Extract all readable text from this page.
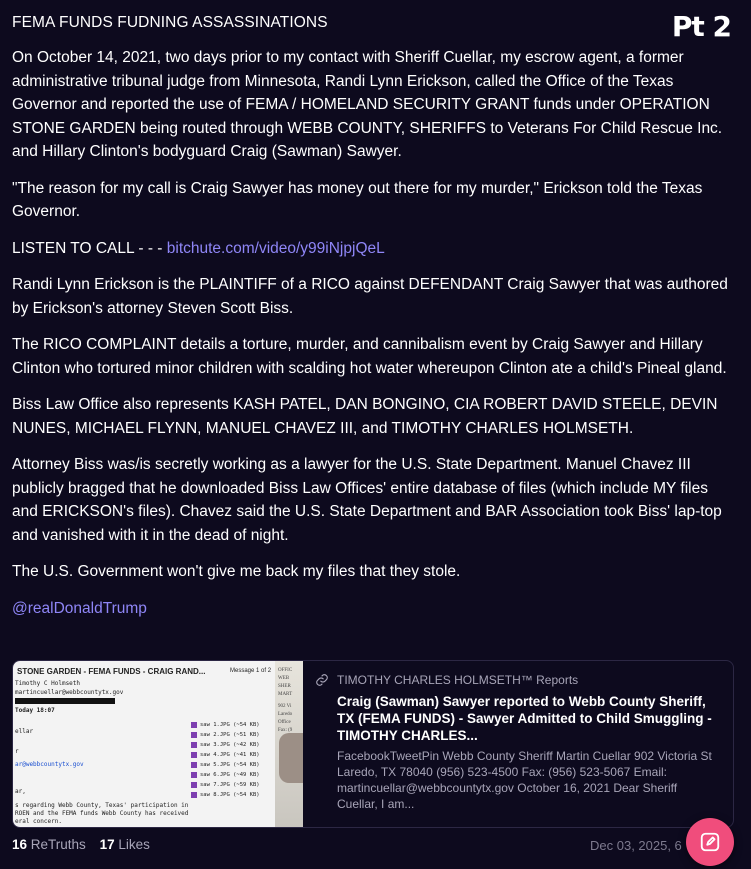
Pt 2
FEMA FUNDS FUDNING ASSASSINATIONS

On October 14, 2021, two days prior to my contact with Sheriff Cuellar, my escrow agent, a former administrative tribunal judge from Minnesota, Randi Lynn Erickson, called the Office of the Texas Governor and reported the use of FEMA / HOMELAND SECURITY GRANT funds under OPERATION STONE GARDEN being routed through WEBB COUNTY, SHERIFFS to Veterans For Child Rescue Inc. and Hillary Clinton's bodyguard Craig (Sawman) Sawyer.

"The reason for my call is Craig Sawyer has money out there for my murder," Erickson told the Texas Governor.

LISTEN TO CALL - - - bitchute.com/video/y99iNjpjQeL

Randi Lynn Erickson is the PLAINTIFF of a RICO against DEFENDANT Craig Sawyer that was authored by Erickson's attorney Steven Scott Biss.

The RICO COMPLAINT details a torture, murder, and cannibalism event by Craig Sawyer and Hillary Clinton who tortured minor children with scalding hot water whereupon Clinton ate a child's Pineal gland.

Biss Law Office also represents KASH PATEL, DAN BONGINO, CIA ROBERT DAVID STEELE, DEVIN NUNES, MICHAEL FLYNN, MANUEL CHAVEZ III, and TIMOTHY CHARLES HOLMSETH.

Attorney Biss was/is secretly working as a lawyer for the U.S. State Department. Manuel Chavez III publicly bragged that he downloaded Biss Law Offices' entire database of files (which include MY files and ERICKSON's files). Chavez said the U.S. State Department and BAR Association took Biss' lap-top and vanished with it in the dead of night.

The U.S. Government won't give me back my files that they stole.

@realDonaldTrump

STONE GARDEN - FEMA FUNDS - CRAIG RAND...	Message 1 of 2
Timothy C Holmseth
martincuellar@webbcountytx.gov
Today 18:07
ellar
r
ar@webbcountytx.gov
ar,
s regarding Webb County, Texas' participation in
ROEN and the FEMA funds Webb County has received
eral concern.
saw 1.JPG (~54 KB)
saw 2.JPG (~51 KB)
saw 3.JPG (~42 KB)
saw 4.JPG (~41 KB)
saw 5.JPG (~54 KB)
saw 6.JPG (~49 KB)
saw 7.JPG (~59 KB)
saw 8.JPG (~54 KB)
OFFIC
WEB
SHER
MART
902 Vi
Laredo
Office
Fax: (9
TIMOTHY CHARLES HOLMSETH™ Reports
Craig (Sawman) Sawyer reported to Webb County Sheriff, TX (FEMA FUNDS) - Sawyer Admitted to Child Smuggling - TIMOTHY CHARLES...
FacebookTweetPin Webb County Sheriff Martin Cuellar 902 Victoria St Laredo, TX 78040 (956) 523-4500 Fax: (956) 523-5067 Email: martincuellar@webbcountytx.gov October 16, 2021 Dear Sheriff Cuellar, I am...
16 ReTruths 17 Likes	Dec 03, 2025, 6
